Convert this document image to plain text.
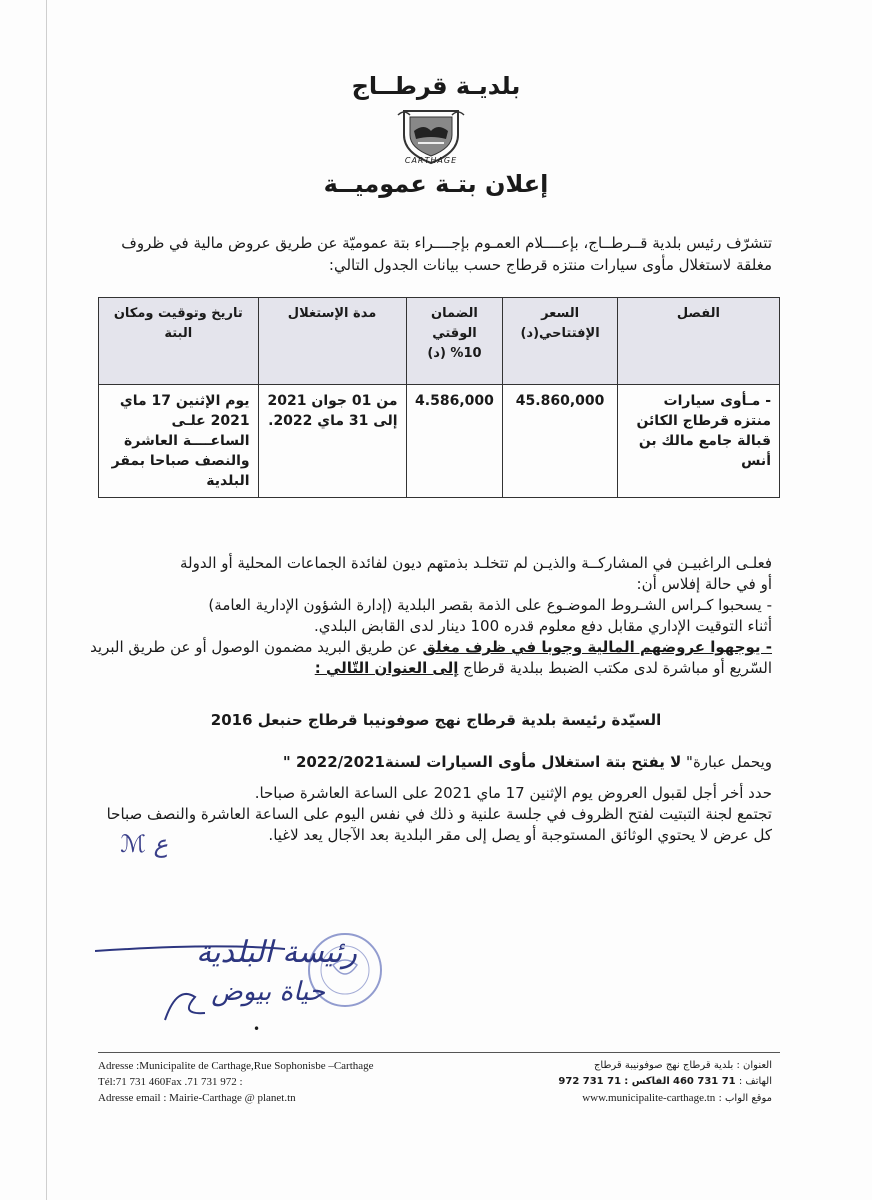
بلديـة قرطــاج
CARTHAGE
إعلان بتـة عموميــة
تتشرّف رئيس بلدية قــرطــاج، بإعــــلام العمـوم بإجــــراء بتة عموميّة عن طريق عروض مالية في ظروف مغلقة لاستغلال مأوى سيارات منتزه قرطاج حسب بيانات الجدول التالي:
الفصل	السعر الإفتتاحي(د)	الضمان الوقتي 10% (د)	مدة الإستغلال	تاريخ وتوقيت ومكان البتة
- مـأوى سيارات منتزه قرطاج الكائن قبالة جامع مالك بن أنس	45.860,000	4.586,000	من 01 جوان 2021 إلى 31 ماي 2022.	يوم الإثنين 17 ماي 2021 علـى الساعــــة العاشرة والنصف صباحا بمقر البلدية
فعلـى الراغبيـن في المشاركــة والذيـن لم تتخلـد بذمتهم ديون لفائدة الجماعات المحلية أو الدولة
أو في حالة إفلاس أن:
- يسحبوا كـراس الشـروط الموضـوع على الذمة بقصر البلدية (إدارة الشؤون الإدارية العامة)
أثناء التوقيت الإداري مقابل دفع معلوم قدره 100 دينار لدى القابض البلدي.
- يوجهوا عروضهم المالية وجوبا في ظرف مغلق عن طريق البريد مضمون الوصول أو عن طريق البريد
السّريع أو مباشرة لدى مكتب الضبط ببلدية قرطاج إلى العنوان التّالي :
السيّدة رئيسة بلدية قرطاج نهج صوفونيبا قرطاج حنبعل 2016
ويحمل عبارة" لا يفتح بتة استغلال مأوى السيارات لسنة2022/2021 "
حدد أخر أجل لقبول العروض يوم الإثنين 17 ماي 2021 على الساعة العاشرة صباحا.
تجتمع لجنة التبتيت لفتح الظروف في جلسة علنية و ذلك في نفس اليوم على الساعة العاشرة والنصف صباحا
كل عرض لا يحتوي الوثائق المستوجبة أو يصل إلى مقر البلدية بعد الآجال يعد لاغيا.
ℳ ع
رئيسة البلدية
حياة بيوض
•
Adresse :Municipalite de Carthage,Rue Sophonisbe –Carthage
Tél:71 731 460Fax .71 731 972 :
Adresse email : Mairie-Carthage @ planet.tn
العنوان : بلدية قرطاج نهج صوفونيبة قرطاج
الهاتف : 71 731 460 الفاكس : 71 731 972
موقع الواب : www.municipalite-carthage.tn
